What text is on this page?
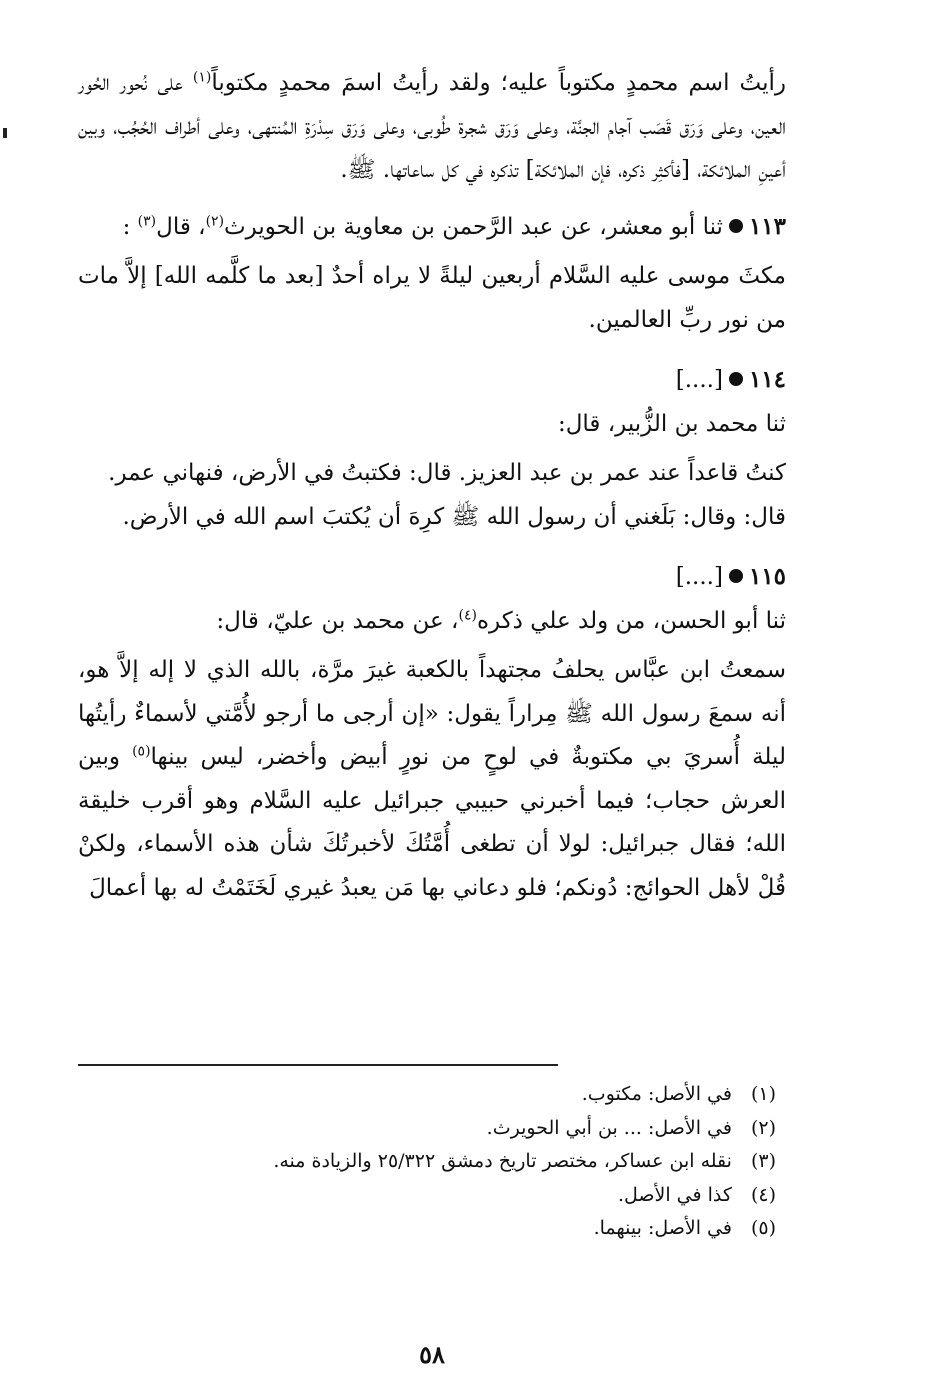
رأيتُ اسم محمدٍ مكتوباً عليه؛ ولقد رأيتُ اسمَ محمدٍ مكتوباً$^{(١)}$ على نُحور الحُور العين، وعلى وَرَق قَصَب آجام الجنَّة، وعلى وَرَق شجرة طُوبى، وعلى وَرَق سِدْرَةِ المُنتهى، وعلى أطراف الحُجُب، وبين أعينِ الملائكة، [فأكثِر ذكره، فإن الملائكة] تذكره في كل ساعاتها. ﷺ.

١١٣ثنا أبو معشر، عن عبد الرَّحمن بن معاوية بن الحويرث$^{(٢)}$، قال$^{(٣)}$ :

مكثَ موسى عليه السَّلام أربعين ليلةً لا يراه أحدٌ [بعد ما كلَّمه الله] إلاَّ مات من نور ربِّ العالمين.

١١٤[....]

ثنا محمد بن الزُّبير، قال:

كنتُ قاعداً عند عمر بن عبد العزيز. قال: فكتبتُ في الأرض، فنهاني عمر.

قال: وقال: بَلَغني أن رسول الله ﷺ كرِهَ أن يُكتبَ اسم الله في الأرض.

١١٥[....]

ثنا أبو الحسن، من ولد علي ذكره$^{(٤)}$، عن محمد بن عليّ، قال:

سمعتُ ابن عبَّاس يحلفُ مجتهداً بالكعبة غيرَ مرَّة، بالله الذي لا إله إلاَّ هو، أنه سمعَ رسول الله ﷺ مِراراً يقول: «إن أرجى ما أرجو لأُمَّتي لأسماءٌ رأيتُها ليلة أُسريَ بي مكتوبةٌ في لوحٍ من نورٍ أبيض وأخضر، ليس بينها$^{(٥)}$ وبين العرش حجاب؛ فيما أخبرني حبيبي جبرائيل عليه السَّلام وهو أقرب خليقة الله؛ فقال جبرائيل: لولا أن تطغى أُمَّتُكَ لأخبرتُكَ شأن هذه الأسماء، ولكنْ قُلْ لأهل الحوائج: دُونكم؛ فلو دعاني بها مَن يعبدُ غيري لَخَتَمْتُ له بها أعمالَ

(١) في الأصل: مكتوب.

(٢) في الأصل: ... بن أبي الحويرث.

(٣) نقله ابن عساكر، مختصر تاريخ دمشق ٢٥/٣٢٢ والزيادة منه.

(٤) كذا في الأصل.

(٥) في الأصل: بينهما.

٥٨
